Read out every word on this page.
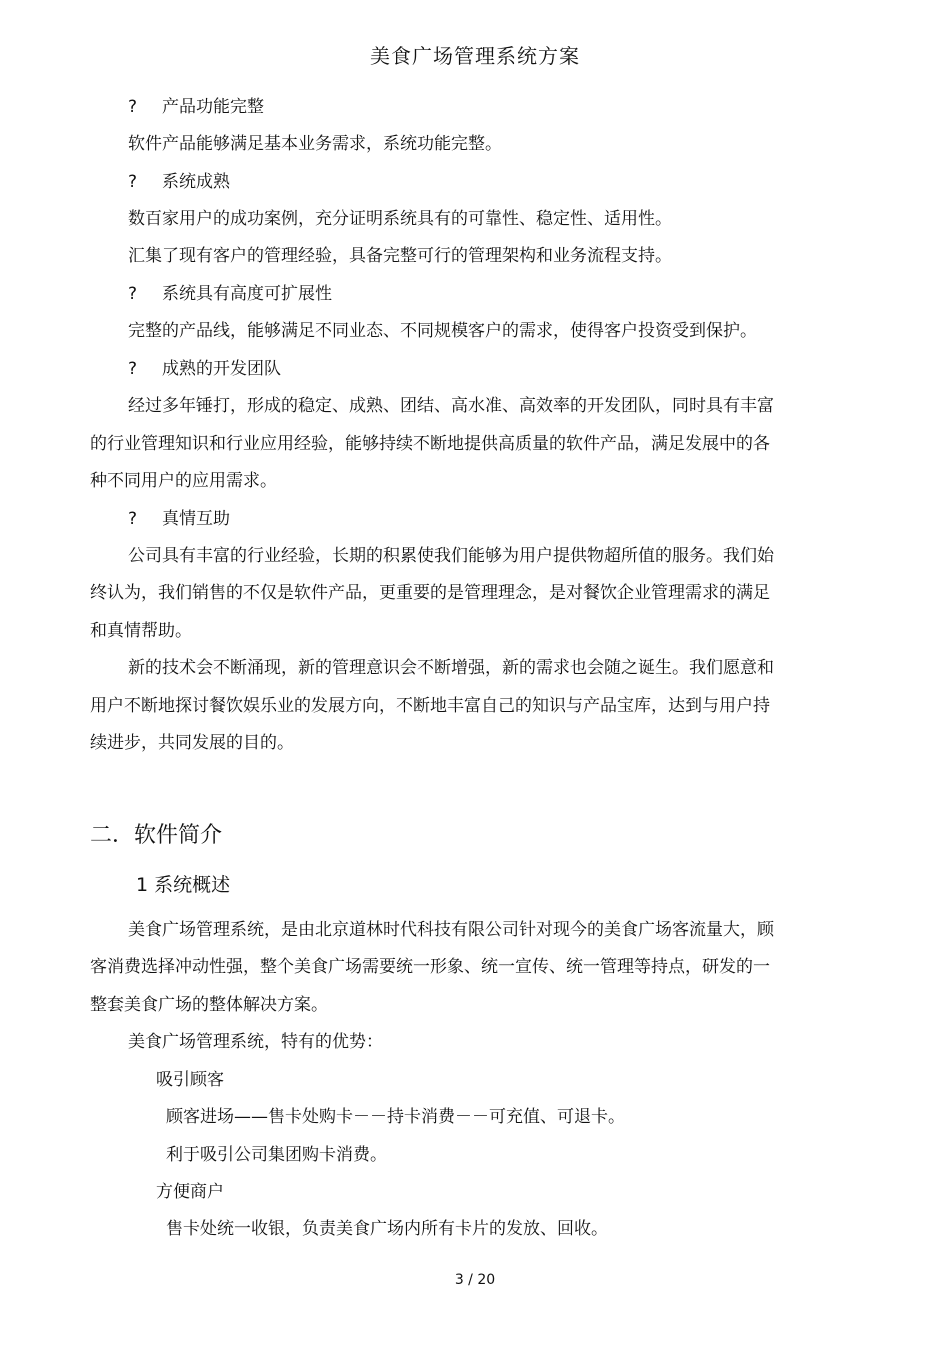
美食广场管理系统方案
? 产品功能完整
软件产品能够满足基本业务需求，系统功能完整。
? 系统成熟
数百家用户的成功案例，充分证明系统具有的可靠性、稳定性、适用性。
汇集了现有客户的管理经验，具备完整可行的管理架构和业务流程支持。
? 系统具有高度可扩展性
完整的产品线，能够满足不同业态、不同规模客户的需求，使得客户投资受到保护。
? 成熟的开发团队
经过多年锤打，形成的稳定、成熟、团结、高水准、高效率的开发团队，同时具有丰富
的行业管理知识和行业应用经验，能够持续不断地提供高质量的软件产品，满足发展中的各
种不同用户的应用需求。
? 真情互助
公司具有丰富的行业经验，长期的积累使我们能够为用户提供物超所值的服务。我们始
终认为，我们销售的不仅是软件产品，更重要的是管理理念，是对餐饮企业管理需求的满足
和真情帮助。
新的技术会不断涌现，新的管理意识会不断增强，新的需求也会随之诞生。我们愿意和
用户不断地探讨餐饮娱乐业的发展方向，不断地丰富自己的知识与产品宝库，达到与用户持
续进步，共同发展的目的。
二．软件简介
1 系统概述
美食广场管理系统，是由北京道林时代科技有限公司针对现今的美食广场客流量大，顾
客消费选择冲动性强，整个美食广场需要统一形象、统一宣传、统一管理等持点，研发的一
整套美食广场的整体解决方案。
美食广场管理系统，特有的优势：
吸引顾客
顾客进场——售卡处购卡－－持卡消费－－可充值、可退卡。
利于吸引公司集团购卡消费。
方便商户
售卡处统一收银，负责美食广场内所有卡片的发放、回收。
3 / 20
